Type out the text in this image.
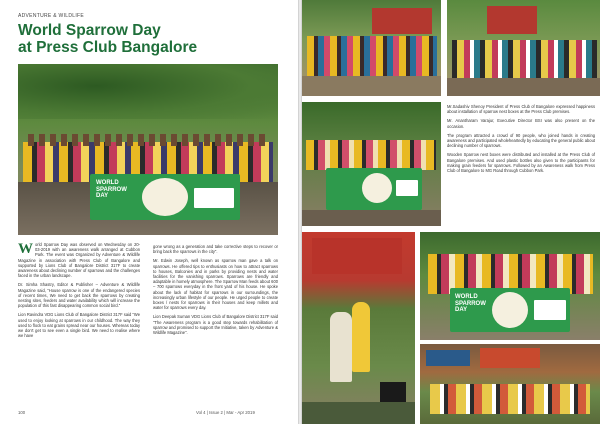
ADVENTURE & WILDLIFE
World Sparrow Day
at Press Club Bangalore
WORLD SPARROW DAY

World Sparrow Day was observed on Wednesday on 20-03-2019 with an awareness walk arranged at Cubbon Park. The event was Organized by Adventure & Wildlife Magazine in association with Press Club of Bangalore and supported by Lions Club of Bangalore District 317F to create awareness about declining number of sparrows and the challenges faced in the urban landscape.

Dr. Simha Shastry, Editor & Publisher – Adventure & Wildlife Magazine said, "House sparrow is one of the endangered species of recent times, We need to get back the sparrows by creating nesting sites, feeders and water availability which will increase the population of this fast disappearing common social bird."

Lion Ravindra VDG Lions Club of Bangalore District 317F said "We used to enjoy looking at sparrows in our childhood. The way they used to flock to eat grains spread near our houses. Whereas today we don't get to see even a single bird. We need to realise where we have

gone wrong as a generation and take corrective steps to recover or bring back the sparrows in the city".

Mr. Edwin Joseph, well known as sparrow man gave a talk on sparrows. He offered tips to enthusiasts on how to attract sparrows to houses, Balconies and in parks by providing nests and water facilities for the vanishing sparrows. Sparrows are friendly and adaptable in homely atmosphere. The Sparrow Man feeds about 600 – 700 sparrows everyday in the front yard of his house. He spoke about the lack of habitat for sparrows in our surroundings, the increasingly urban lifestyle of our people. He urged people to create boxes / nests for sparrows in their houses and keep millets and water for sparrows every day.

Lion Deepak Suman VDG Lions Club of Bangalore District 317F said "The Awareness program is a good step towards rehabilitation of sparrow and promised to support the Initiative, taken by Adventure & Wildlife Magazine".

100

Mr.Sadashiv Shenoy President of Press Club of Bangalore expressed happiness about installation of sparrow nest boxes at the Press Club premises.

Mr. Anantharam Varajur, Executive Director BSI was also present on the occasion.

The program attracted a crowd of 90 people, who joined hands in creating awareness and participated wholeheartedly by educating the general public about declining number of sparrows.

Wooden Sparrow nest boxes were distributed and installed at the Press Club of Bangalore premises. And used plastic bottles also given to the participants for making grain feeders for sparrows. Followed by an Awareness walk from Press Club of Bangalore to MG Road through Cubbon Park.

WORLD SPARROW DAY
Vol 4 | Issue 2 | Mar - Apr 2019
